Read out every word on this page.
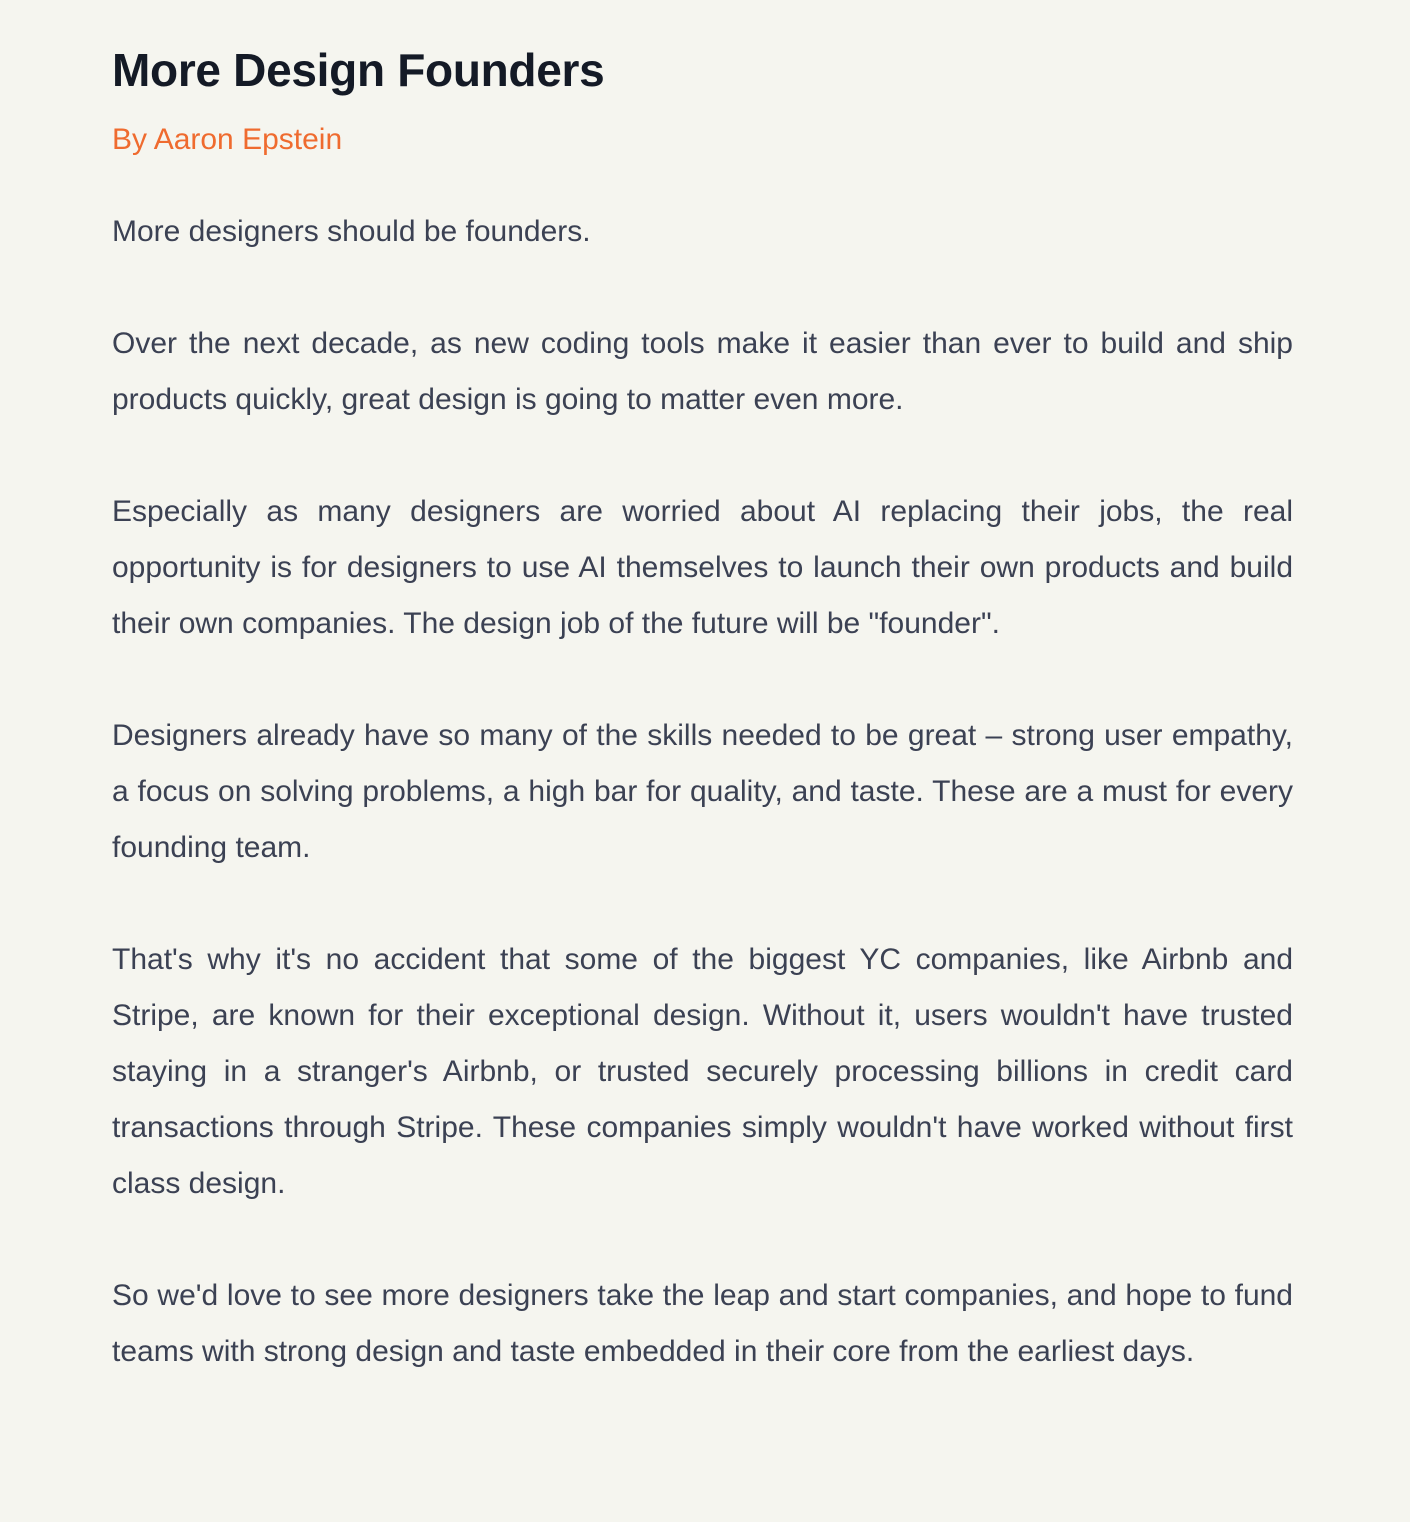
More Design Founders
By Aaron Epstein

More designers should be founders.

Over the next decade, as new coding tools make it easier than ever to build and ship products quickly, great design is going to matter even more.

Especially as many designers are worried about AI replacing their jobs, the real opportunity is for designers to use AI themselves to launch their own products and build their own companies. The design job of the future will be "founder".

Designers already have so many of the skills needed to be great – strong user empathy, a focus on solving problems, a high bar for quality, and taste. These are a must for every founding team.

That's why it's no accident that some of the biggest YC companies, like Airbnb and Stripe, are known for their exceptional design. Without it, users wouldn't have trusted staying in a stranger's Airbnb, or trusted securely processing billions in credit card transactions through Stripe. These companies simply wouldn't have worked without first class design.

So we'd love to see more designers take the leap and start companies, and hope to fund teams with strong design and taste embedded in their core from the earliest days.
